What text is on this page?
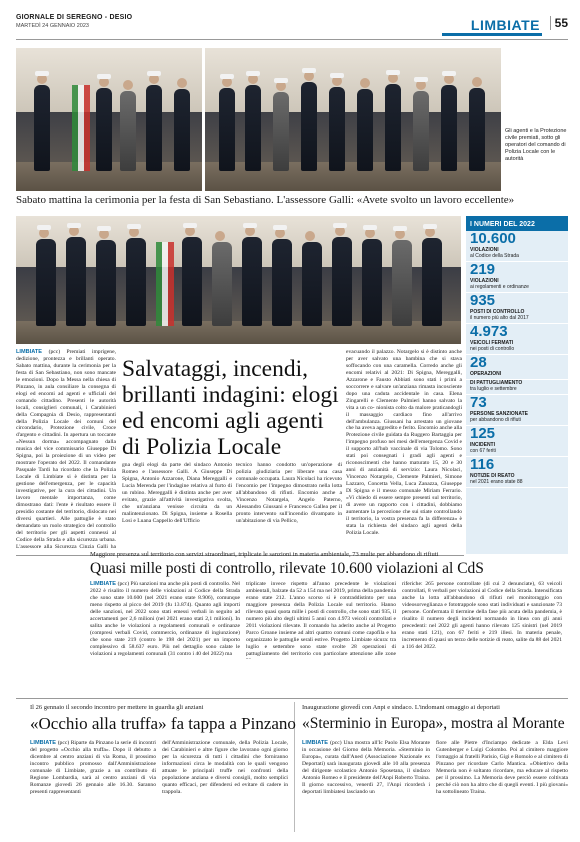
GIORNALE DI SEREGNO - DESIO
MARTEDÌ 24 GENNAIO 2023	LIMBIATE	55
Gli agenti e la Protezione civile premiati, sotto gli operatori del comando di Polizia Locale con le autorità
Sabato mattina la cerimonia per la festa di San Sebastiano. L'assessore Galli: «Avete svolto un lavoro eccellente»
I NUMERI DEL 2022
10.600
VIOLAZIONI
al Codice della Strada
219
VIOLAZIONI
ai regolamenti e ordinanze
935
POSTI DI CONTROLLO
il numero più alto dal 2017
4.973
VEICOLI FERMATI
nei posti di controllo
28
OPERAZIONI
DI PATTUGLIAMENTO
tra luglio e settembre
73
PERSONE SANZIONATE
per abbandono di rifiuti
125
INCIDENTI
con 67 feriti
116
NOTIZIE DI REATO
nel 2021 erano state 88
LIMBIATE (pcc) Premiati imprigene, dedizione, prontezza e brillanti operato. Sabato mattina, durante la cerimonia per la festa di San Sebastiano, non sono mancate le emozioni. Dopo la Messa nella chiesa di Pinzano, in aula consiliare la consegna di elogi ed encomi ad agenti e ufficiali del comando cittadino. Presenti le autorità locali, consiglieri comunali, i Carabinieri della Compagnia di Desio, rappresentanti della Polizia Locale dei comuni del circondario, Protezione civile, Croce d'argento e cittadini. In apertura un toccante «Nessun dorma» accompagnato dalla musica del vice commissario Giuseppe Di Spigna, poi la proiezione di un video per mostrare l'operato del 2022. Il comandante Pasquale Tardi ha ricordato che la Polizia Locale di Limbiate si è distinta per la gestione dell'emergenza, per le capacità investigative, per la cura dei cittadini. Un lavoro mentale importanza, come dimostrano dati: l'ente è risultato essere il presidio costante del territorio, dislocato nei diversi quartieri. Alle pattuglie è stato demandato un ruolo strategico del controllo del territorio per gli aspetti connessi al Codice della Strada e alla sicurezza urbana. L'assessore alla Sicurezza Cinzia Galli ha
Salvataggi, incendi, brillanti indagini: elogi ed encomi agli agenti di Polizia Locale
gna degli elogi da parte del sindaco Antonio Romeo e l'assessore Galli. A Giuseppe Di Spigna, Antonio Azzarone, Diana Mereggalli e Lucia Merenda per l'indagine relativa al furto di un rubino. Mereggalli è distinta anche per aver evitato, grazie all'attività investigativa svolta, che un'anziana venisse circuita da un malintenzionato. Di Spigna, insieme a Rosella Losi e Luana Cappello dell'Ufficio
tecnico hanno condotto un'operazione di polizia giudiziaria per liberare una casa comunale occupata. Laura Nicolaci ha ricevuto l'encomio per l'impegno dimostrato nella lotta all'abbandono di rifiuti. Encomio anche a Vincenzo Notargela, Angelo Paterno, Alessandro Giussani e Francesco Gallea per il pronto intervento sull'incendio divampato in un'abitazione di via Pellico,
evacuando il palazzo. Notargelo si è distinto anche per aver salvato una bambina che si stava soffocando con una caramella. Corredo anche gli encomi relativi al 2021: Di Spigna, Mereggalli, Azzarone e Fausto Abbiati sono stati i primi a soccorrere e salvare un'anziana rimasta incosciente dopo una caduta accidentale in casa. Elena Zingarelli e Clemente Palmieri hanno salvato la vita a un co- nionista colto da malore praticandogli il massaggio cardiaco fino all'arrivo dell'ambulanza. Giussani ha arrestato un giovane che ha aveva aggredito e ferito. Encomio anche alla Protezione civile guidata da Ruggero Bartaggia per l'impegno profuso nei mesi dell'emergenza Covid e il supporto all'hub vaccinale di via Tolomo. Sono stati poi consegnati i gradi agli agenti e riconoscimenti che hanno maturato 15, 20 e 30 anni di anzianità di servizio: Laura Nicolaci, Vincenzo Notargelo, Clemente Palmieri, Simone Lazzaro, Concetta Vella, Luca Zanazza, Giuseppe Di Spigna e il messo comunale Miriam Ferrario. «Vi chiedo di essere sempre presenti sul territorio, di avere un rapporto con i cittadini, dobbiamo aumentare la percezione che sui stiate controllando il territorio, la vostra presenza fa la differenza» è stata la richiesta del sindaco agli agenti della Polizia Locale.
Maggiore presenza sul territorio con servizi straordinari, triplicate le sanzioni in materia ambientale, 73 multe per abbandono di rifiuti
Quasi mille posti di controllo, rilevate 10.600 violazioni al CdS
LIMBIATE (pcc) Più sanzioni ma anche più posti di controllo. Nel 2022 è risalito il numero delle violazioni al Codice della Strada che sono state 10.600 (nel 2021 erano state 8.906), comunque meno rispetto al picco del 2019 (fu 13.874). Quanto agli importi delle sanzioni, nel 2022 sono stati emessi verbali in seguito ad accertamenti per 2,6 milioni (nel 2021 erano stati 2,1 milioni). In salita anche le violazioni a regolamenti comunali e ordinanze (compresi verbali Covid, commercio, ordinanze di ingiunzione) che sono state 219 (contro le 198 del 2021) per un importo complessivo di 58.637 euro. Più nel dettaglio sono calate le violazioni a regolamenti comunali (31 contro i 40 del 2022) ma
triplicate invece rispetto all'anno precedente le violazioni ambientali, balzate da 52 a 154 ma nel 2019, prima della pandemia erano state 212. L'anno scorso si è contraddistinto per una maggiore presenza della Polizia Locale sul territorio. Hanno rilevato quasi quota mille i posti di controllo, che sono stati 935, il numero più alto degli ultimi 5 anni con 4.973 veicoli controllati e 2011 violazioni rilevate. Il comando ha aderito anche al Progetto Parco Groane insieme ad altri quattro comuni come capofila e ha organizzato le pattuglie serali estive. Progetto Limbiate sicura: tra luglio e settembre sono state svolte 28 operazioni di pattugliamento del territorio con particolare attenzione alle zone
riferiche: 265 persone controllate (di cui 2 denunciate), 63 veicoli controllati, 8 verbali per violazioni al Codice della Strada. Intensificata anche la lotta all'abbandono di rifiuti nel monitoraggio con videosorveglianza e fototrappole sono stati individuati e sanzionate 73 persone. Confermata il tiermine della fase più acuta della pandemia, è risalito il numero degli incidenti normando in linea con gli anni precedenti: nel 2022 gli agenti hanno rilevato 125 sinistri (nel 2019 erano stati 121), con 67 feriti e 219 illesi. In materia penale, incremento di quasi un terzo delle notizie di reato, salite da 88 del 2021 a 116 del 2022.
Il 26 gennaio il secondo incontro per mettere in guardia gli anziani
«Occhio alla truffa» fa tappa a Pinzano
LIMBIATE (pcc) Riparte da Pinzano la serie di incontri del progetto «Occhio alla truffa». Dopo il debutto a dicembre al centro anziani di via Roma, il prossimo incontro pubblico promosso dall'Amministrazione comunale di Limbiate, grazie a un contributo di Regione Lombardia, sarà al centro anziani di via Romanze giovedì 26 gennaio alle 16.30. Saranno presenti rappresentanti
dell'Amministrazione comunale, della Polizia Locale, dei Carabinieri e altre figure che lavorano ogni giorno per la sicurezza di tutti i cittadini che forniranno informazioni circa le modalità con le quali vengono attuate le principali truffe nei confronti della popolazione anziana e diversi consigli, molto semplici quanto efficaci, per difendersi ed evitare di cadere in trappola.
Inaugurazione giovedì con Anpi e sindaco. L'indomani omaggio ai deportati
«Sterminio in Europa», mostra al Morante
LIMBIATE (pcc) Una mostra all'Ic Paolo Elsa Morante in occasione del Giorno della Memoria. «Sterminio in Europa», curata dall'Aned (Associazione Nazionale ex Deportati) sarà inaugurata giovedì alle 10 alla presenza del dirigente scolastico Antonio Sposetana, il sindaco Antonio Romeo e il presidente dell'Anpi Roberto Traina. Il giorno successivo, venerdì 27, l'Anpi ricorderà i deportati limbiatesi lasciando un
fiore alle Pietre d'Inciampo dedicate a Elda Levi Gutenberger e Luigi Colombo. Poi al cimitero maggiore l'omaggio ai fratelli Parisio, Gigi e Romolo e al cimitero di Pinzano per ricordare Carlo Mantica. «Obiettivo della Memoria non è soltanto ricordare, ma educare al rispetto per il prossimo. La Memoria deve perciò essere coltivata perché ciò non ha altro che di quegli eventi. I più giovani» ha sottolineato Traina.
